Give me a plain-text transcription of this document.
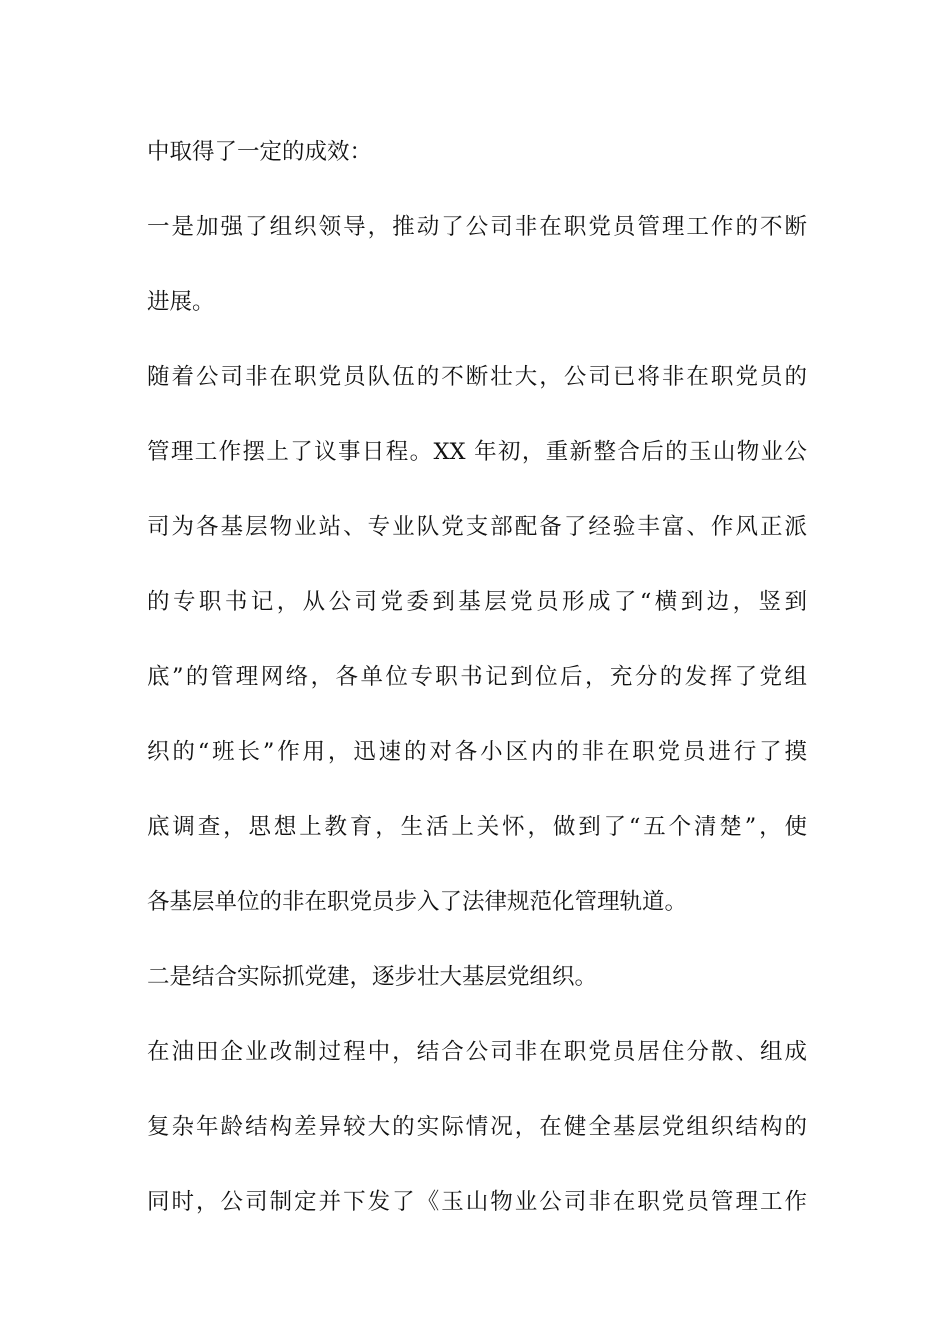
中取得了一定的成效：
一是加强了组织领导，推动了公司非在职党员管理工作的不断
进展。
随着公司非在职党员队伍的不断壮大，公司已将非在职党员的
管理工作摆上了议事日程。XX 年初，重新整合后的玉山物业公
司为各基层物业站、专业队党支部配备了经验丰富、作风正派
的专职书记，从公司党委到基层党员形成了“横到边，竖到
底”的管理网络，各单位专职书记到位后，充分的发挥了党组
织的“班长”作用，迅速的对各小区内的非在职党员进行了摸
底调查，思想上教育，生活上关怀，做到了“五个清楚”，使
各基层单位的非在职党员步入了法律规范化管理轨道。
二是结合实际抓党建，逐步壮大基层党组织。
在油田企业改制过程中，结合公司非在职党员居住分散、组成
复杂年龄结构差异较大的实际情况，在健全基层党组织结构的
同时，公司制定并下发了《玉山物业公司非在职党员管理工作
